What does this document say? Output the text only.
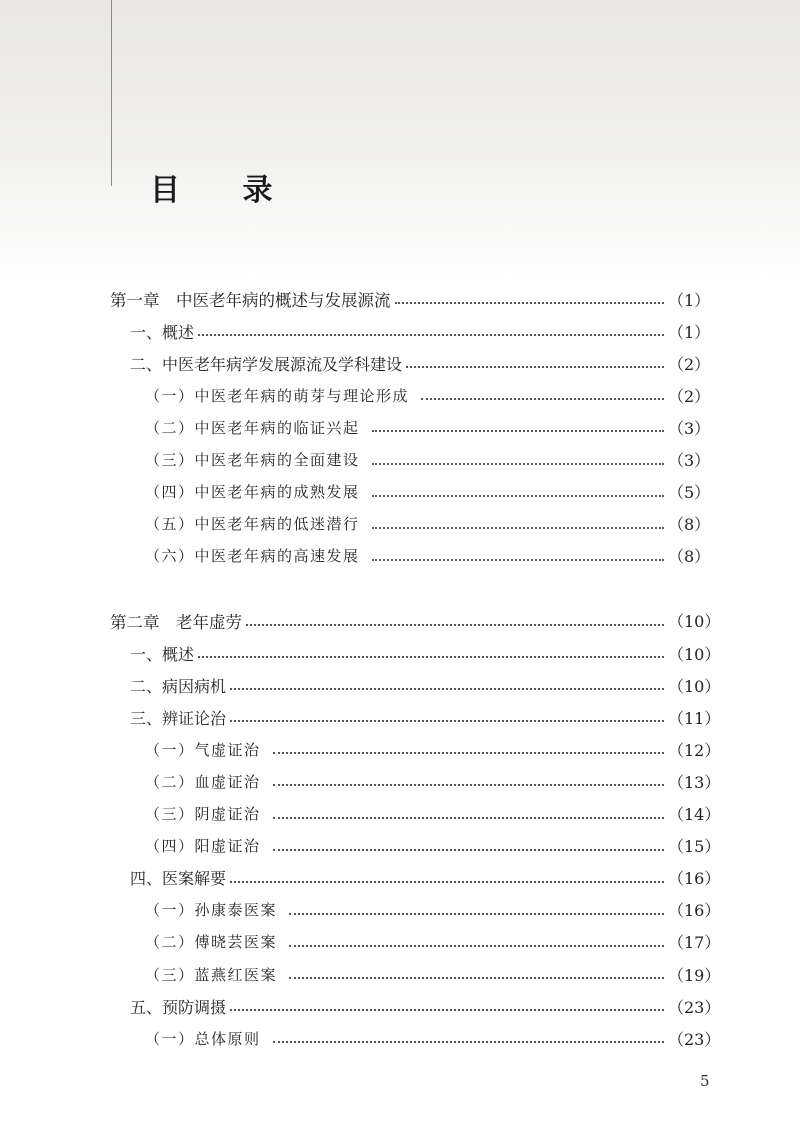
目 录
第一章　中医老年病的概述与发展源流	（1）
一、概述	（1）
二、中医老年病学发展源流及学科建设	（2）
（一）中医老年病的萌芽与理论形成	（2）
（二）中医老年病的临证兴起	（3）
（三）中医老年病的全面建设	（3）
（四）中医老年病的成熟发展	（5）
（五）中医老年病的低迷潜行	（8）
（六）中医老年病的高速发展	（8）
第二章　老年虚劳	（10）
一、概述	（10）
二、病因病机	（10）
三、辨证论治	（11）
（一）气虚证治	（12）
（二）血虚证治	（13）
（三）阴虚证治	（14）
（四）阳虚证治	（15）
四、医案解要	（16）
（一）孙康泰医案	（16）
（二）傅晓芸医案	（17）
（三）蓝燕红医案	（19）
五、预防调摄	（23）
（一）总体原则	（23）
5
